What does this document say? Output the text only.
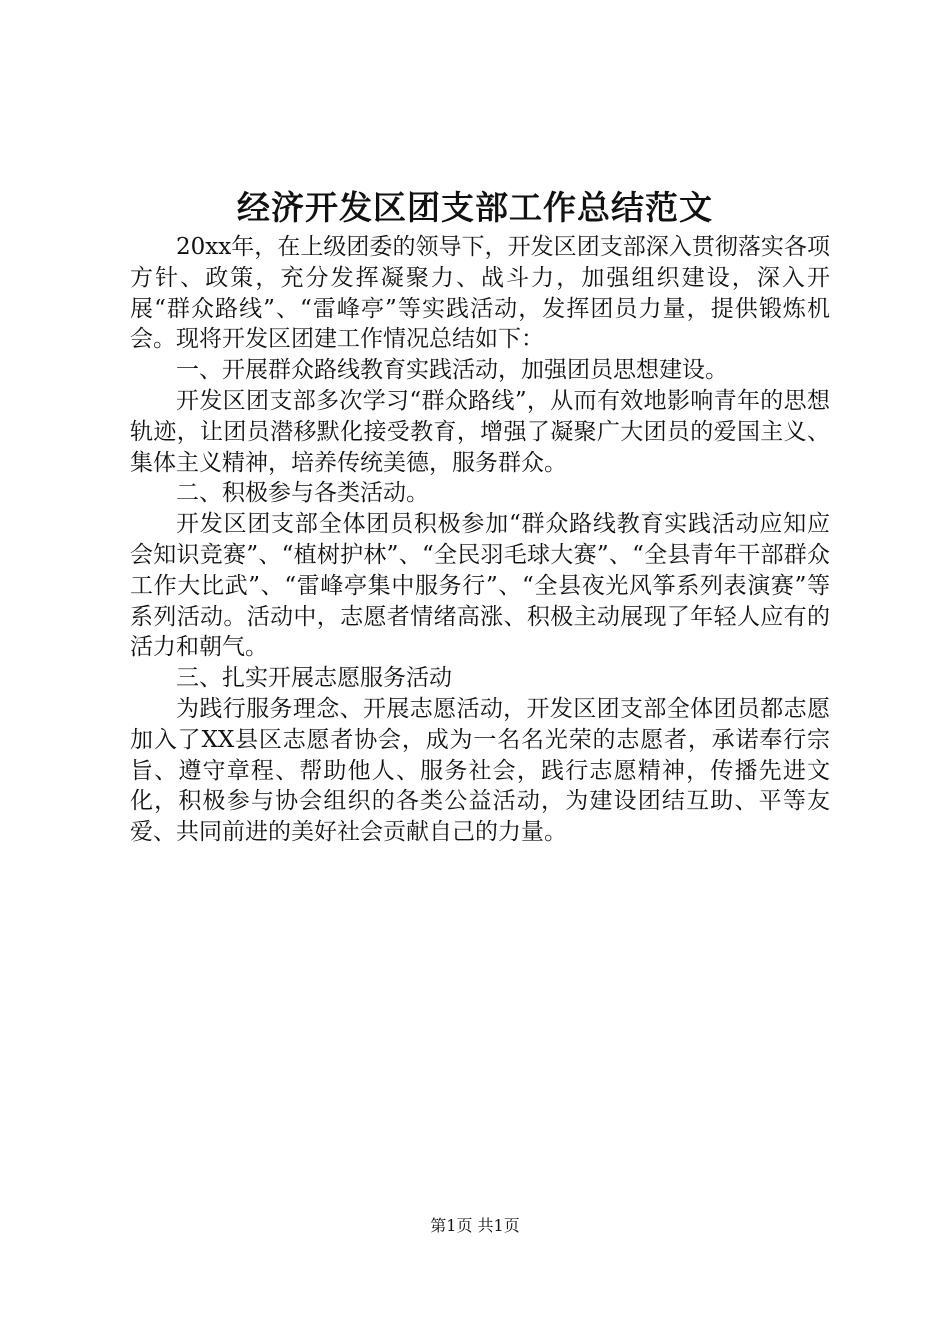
经济开发区团支部工作总结范文

20xx年，在上级团委的领导下，开发区团支部深入贯彻落实各项方针、政策，充分发挥凝聚力、战斗力，加强组织建设，深入开展“群众路线”、“雷峰亭”等实践活动，发挥团员力量，提供锻炼机会。现将开发区团建工作情况总结如下：

一、开展群众路线教育实践活动，加强团员思想建设。

开发区团支部多次学习“群众路线”，从而有效地影响青年的思想轨迹，让团员潜移默化接受教育，增强了凝聚广大团员的爱国主义、集体主义精神，培养传统美德，服务群众。

二、积极参与各类活动。

开发区团支部全体团员积极参加“群众路线教育实践活动应知应会知识竞赛”、“植树护林”、“全民羽毛球大赛”、“全县青年干部群众工作大比武”、“雷峰亭集中服务行”、“全县夜光风筝系列表演赛”等系列活动。活动中，志愿者情绪高涨、积极主动展现了年轻人应有的活力和朝气。

三、扎实开展志愿服务活动

为践行服务理念、开展志愿活动，开发区团支部全体团员都志愿加入了XX县区志愿者协会，成为一名名光荣的志愿者，承诺奉行宗旨、遵守章程、帮助他人、服务社会，践行志愿精神，传播先进文化，积极参与协会组织的各类公益活动，为建设团结互助、平等友爱、共同前进的美好社会贡献自己的力量。

第1页 共1页
